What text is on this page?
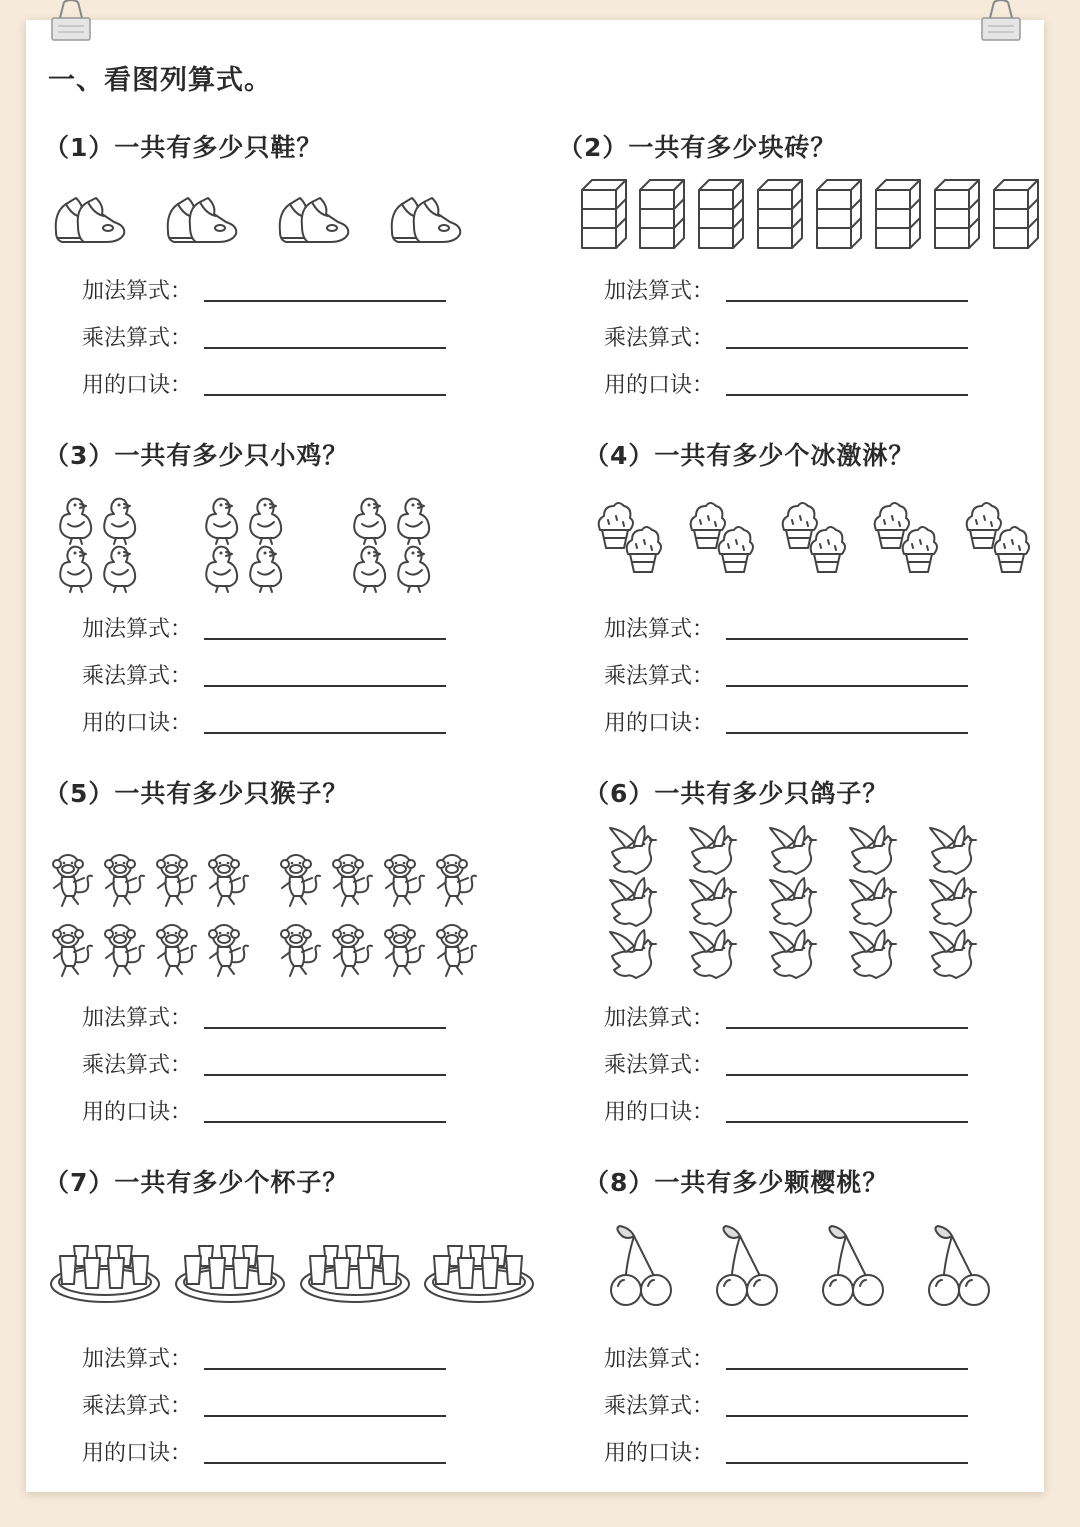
一、看图列算式。
（1）一共有多少只鞋？
加法算式：
乘法算式：
用的口诀：
（2）一共有多少块砖？
加法算式：
乘法算式：
用的口诀：
（3）一共有多少只小鸡？
加法算式：
乘法算式：
用的口诀：
（4）一共有多少个冰激淋？
加法算式：
乘法算式：
用的口诀：
（5）一共有多少只猴子？
加法算式：
乘法算式：
用的口诀：
（6）一共有多少只鸽子？
加法算式：
乘法算式：
用的口诀：
（7）一共有多少个杯子？
加法算式：
乘法算式：
用的口诀：
（8）一共有多少颗樱桃？
加法算式：
乘法算式：
用的口诀：
